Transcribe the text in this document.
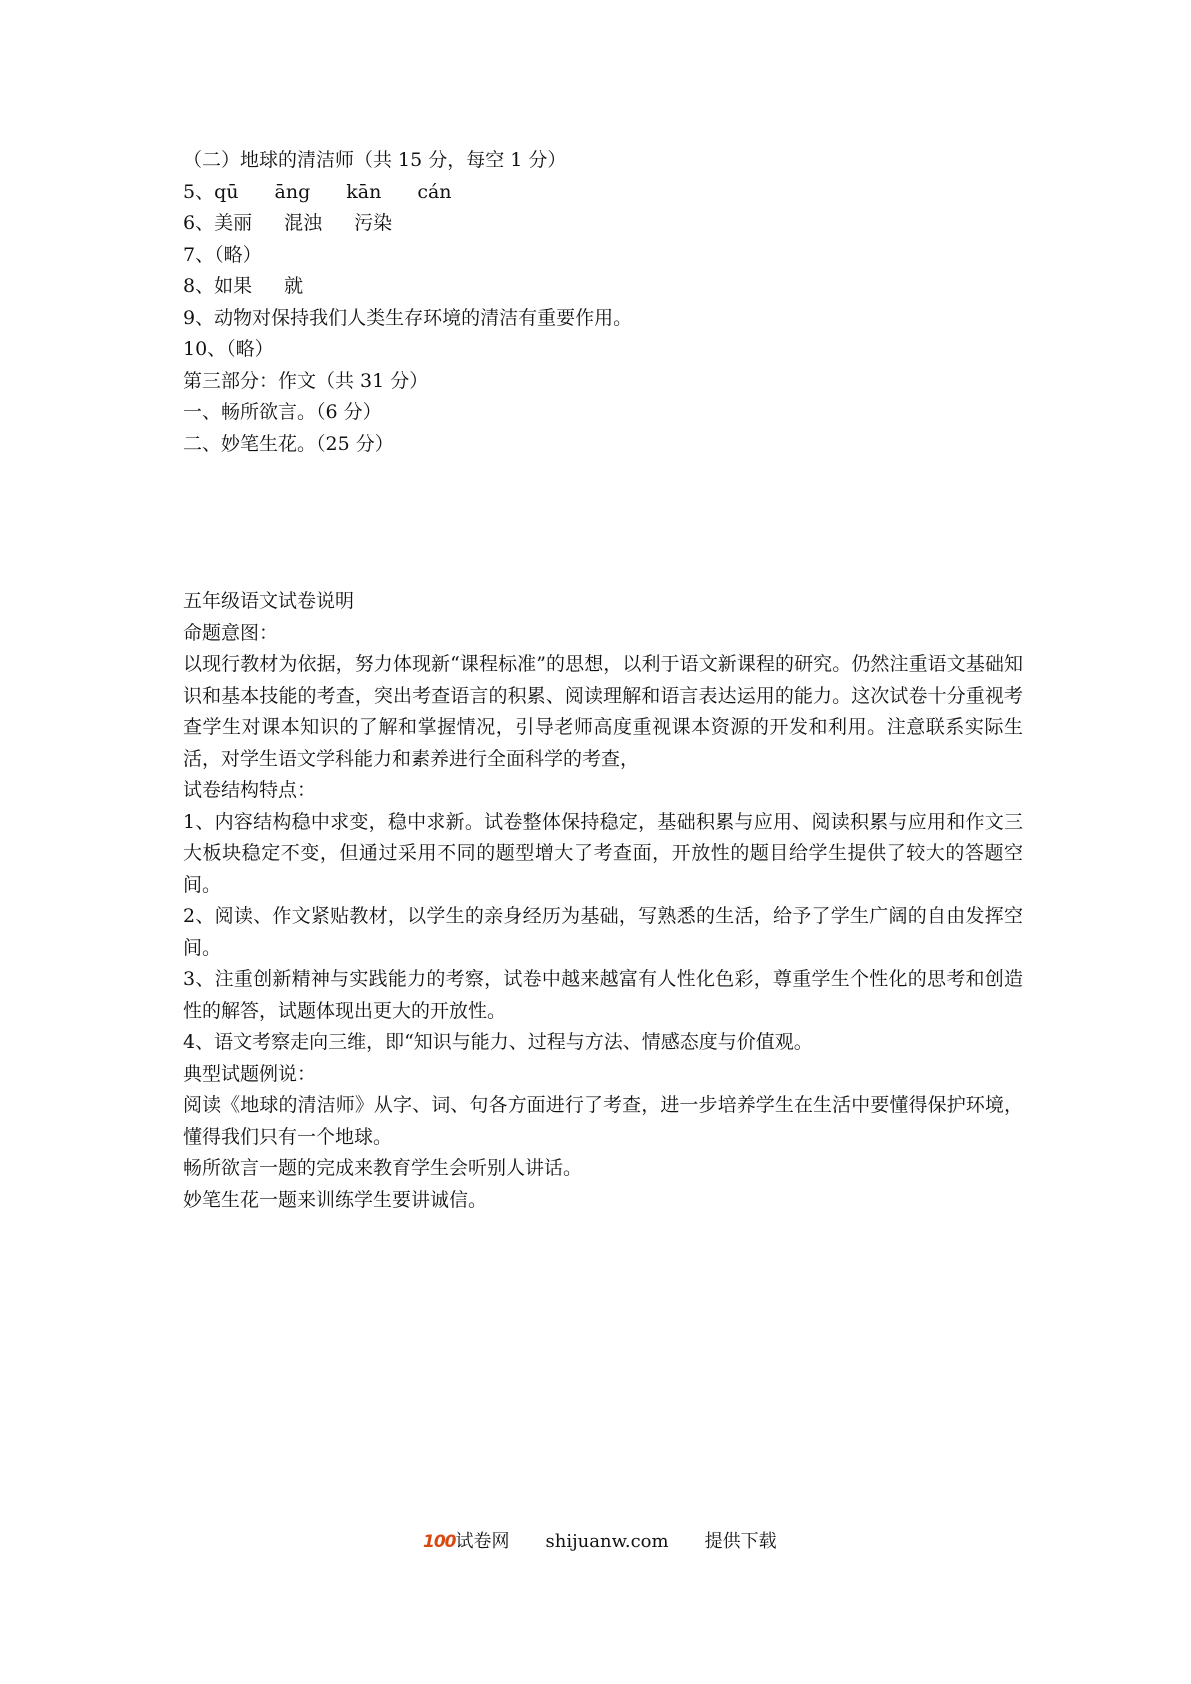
（二）地球的清洁师（共 15 分，每空 1 分）

5、qū āng kān cán

6、美丽 混浊 污染

7、（略）

8、如果 就

9、动物对保持我们人类生存环境的清洁有重要作用。

10、（略）

第三部分：作文（共 31 分）

一、畅所欲言。（6 分）

二、妙笔生花。（25 分）

五年级语文试卷说明

命题意图：

以现行教材为依据，努力体现新“课程标准”的思想，以利于语文新课程的研究。仍然注重语文基础知识和基本技能的考查，突出考查语言的积累、阅读理解和语言表达运用的能力。这次试卷十分重视考查学生对课本知识的了解和掌握情况，引导老师高度重视课本资源的开发和利用。注意联系实际生活，对学生语文学科能力和素养进行全面科学的考查，

试卷结构特点：

1、内容结构稳中求变，稳中求新。试卷整体保持稳定，基础积累与应用、阅读积累与应用和作文三大板块稳定不变，但通过采用不同的题型增大了考查面，开放性的题目给学生提供了较大的答题空间。

2、阅读、作文紧贴教材，以学生的亲身经历为基础，写熟悉的生活，给予了学生广阔的自由发挥空间。

3、注重创新精神与实践能力的考察，试卷中越来越富有人性化色彩，尊重学生个性化的思考和创造性的解答，试题体现出更大的开放性。

4、语文考察走向三维，即“知识与能力、过程与方法、情感态度与价值观。

典型试题例说：

阅读《地球的清洁师》从字、词、句各方面进行了考查，进一步培养学生在生活中要懂得保护环境，懂得我们只有一个地球。

畅所欲言一题的完成来教育学生会听别人讲话。

妙笔生花一题来训练学生要讲诚信。

100试卷网 shijuanw.com 提供下载
